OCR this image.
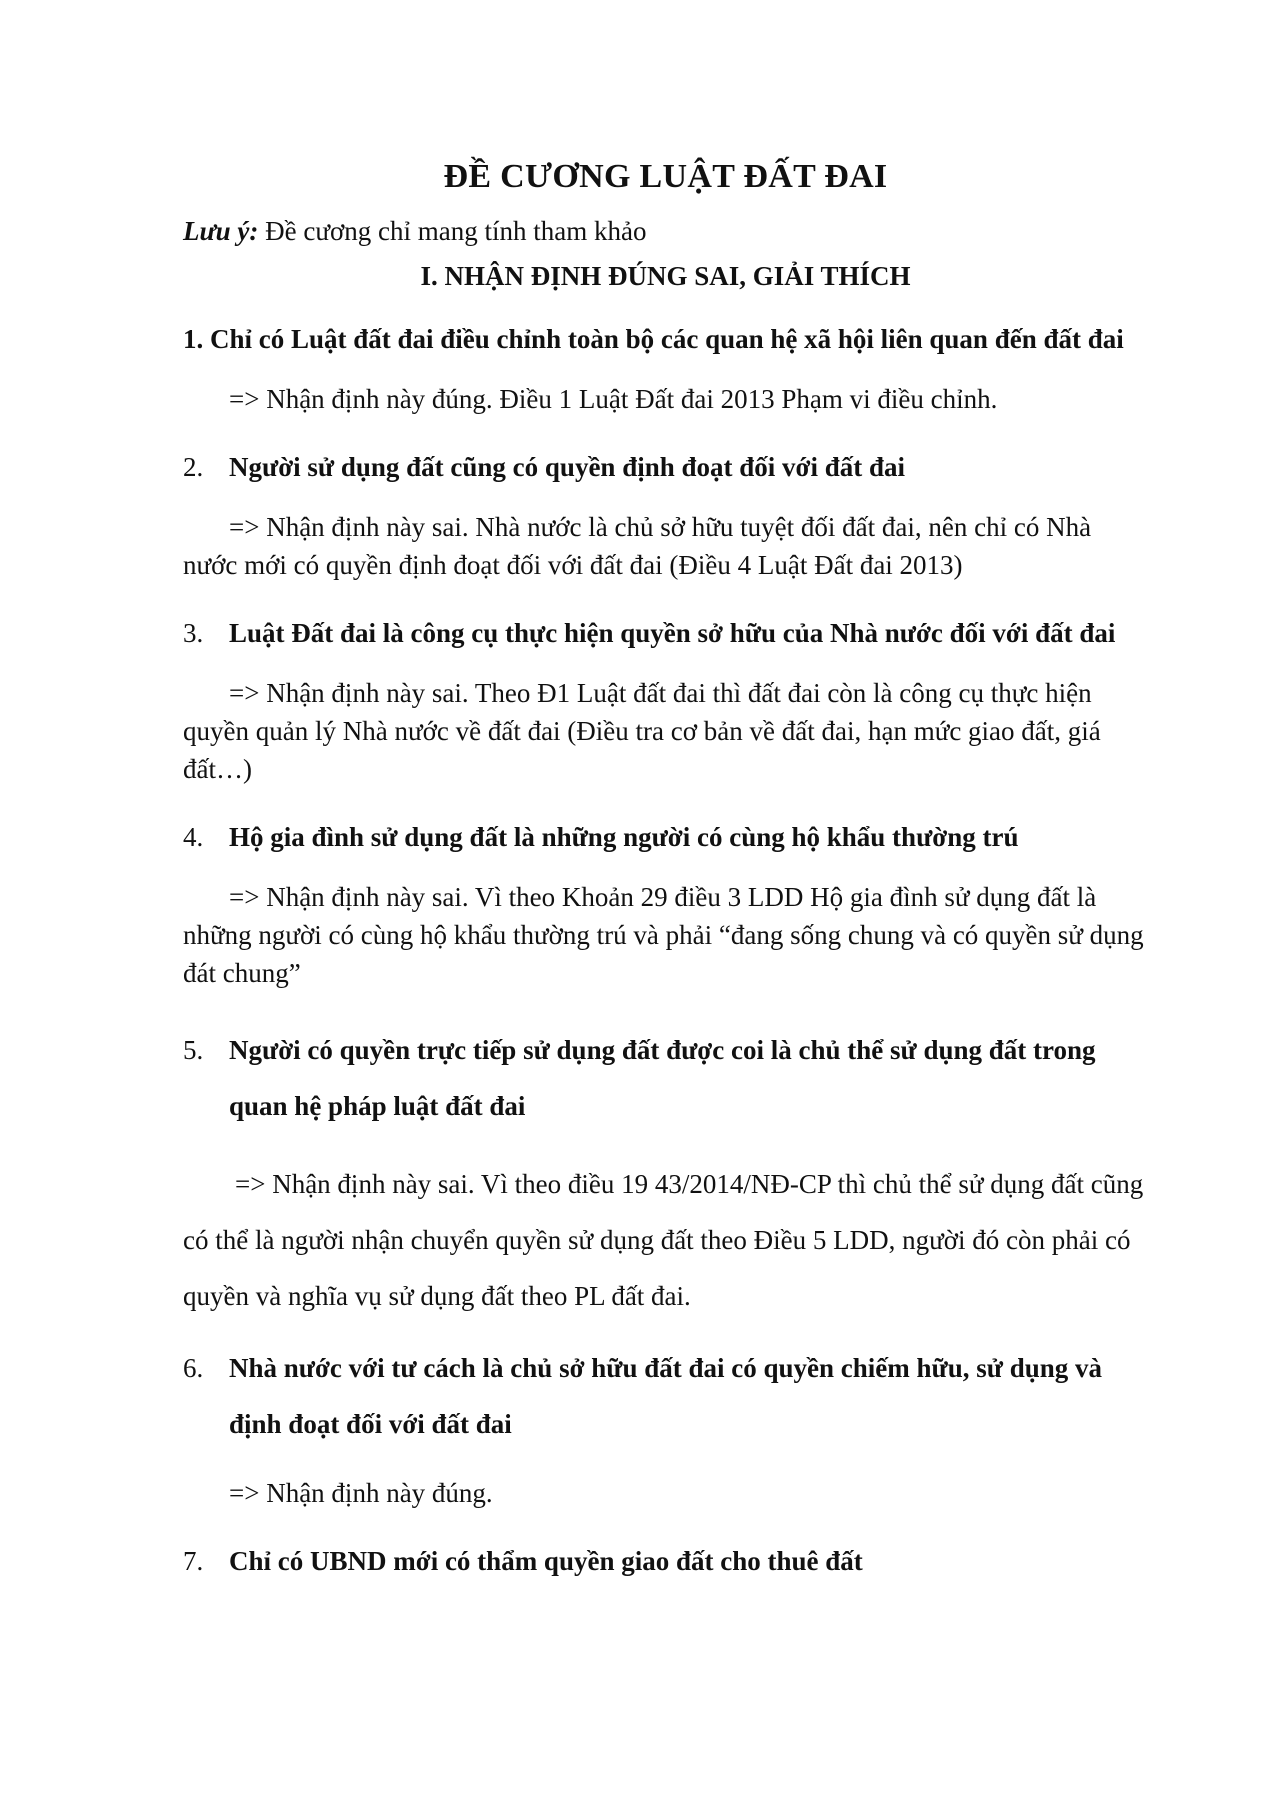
ĐỀ CƯƠNG LUẬT ĐẤT ĐAI

Lưu ý: Đề cương chỉ mang tính tham khảo

I. NHẬN ĐỊNH ĐÚNG SAI, GIẢI THÍCH
1. Chỉ có Luật đất đai điều chỉnh toàn bộ các quan hệ xã hội liên quan đến đất đai

=> Nhận định này đúng. Điều 1 Luật Đất đai 2013 Phạm vi điều chỉnh.

2. Người sử dụng đất cũng có quyền định đoạt đối với đất đai

=> Nhận định này sai. Nhà nước là chủ sở hữu tuyệt đối đất đai, nên chỉ có Nhà nước mới có quyền định đoạt đối với đất đai (Điều 4 Luật Đất đai 2013)

3. Luật Đất đai là công cụ thực hiện quyền sở hữu của Nhà nước đối với đất đai

=> Nhận định này sai. Theo Đ1 Luật đất đai thì đất đai còn là công cụ thực hiện quyền quản lý Nhà nước về đất đai (Điều tra cơ bản về đất đai, hạn mức giao đất, giá đất…)

4. Hộ gia đình sử dụng đất là những người có cùng hộ khẩu thường trú

=> Nhận định này sai. Vì theo Khoản 29 điều 3 LDD Hộ gia đình sử dụng đất là những người có cùng hộ khẩu thường trú và phải “đang sống chung và có quyền sử dụng đát chung”

5. Người có quyền trực tiếp sử dụng đất được coi là chủ thể sử dụng đất trong quan hệ pháp luật đất đai

=> Nhận định này sai. Vì theo điều 19 43/2014/NĐ-CP thì chủ thể sử dụng đất cũng có thể là người nhận chuyển quyền sử dụng đất theo Điều 5 LDD, người đó còn phải có quyền và nghĩa vụ sử dụng đất theo PL đất đai.

6. Nhà nước với tư cách là chủ sở hữu đất đai có quyền chiếm hữu, sử dụng và định đoạt đối với đất đai

=> Nhận định này đúng.

7. Chỉ có UBND mới có thẩm quyền giao đất cho thuê đất
